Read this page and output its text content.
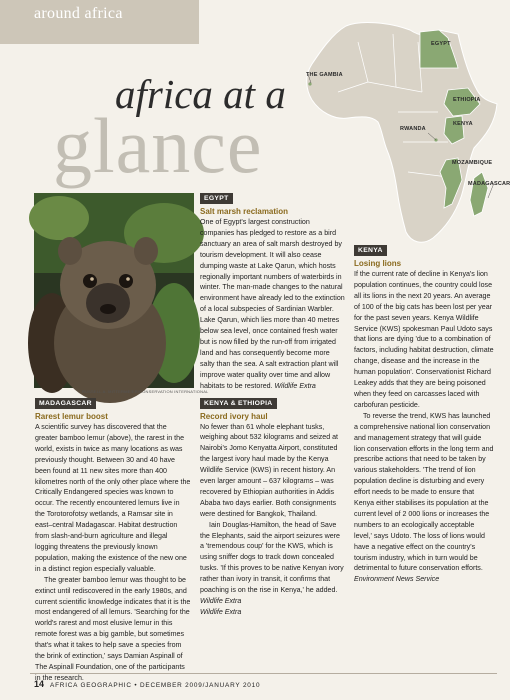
around africa
africa at a
glance
EGYPT
THE GAMBIA
ETHIOPIA
KENYA
RWANDA
MOZAMBIQUE
MADAGASCAR
RUSSELL A. MITTERMEIER/CONSERVATION INTERNATIONAL
MADAGASCAR
Rarest lemur boost

A scientific survey has discovered that the greater bamboo lemur (above), the rarest in the world, exists in twice as many locations as was previously thought. Between 30 and 40 have been found at 11 new sites more than 400 kilometres north of the only other place where the Critically Endangered species was known to occur. The recently encountered lemurs live in the Torotorofotsy wetlands, a Ramsar site in east–central Madagascar. Habitat destruction from slash-and-burn agriculture and illegal logging threatens the previously known population, making the existence of the new one in a distinct region especially valuable.

The greater bamboo lemur was thought to be extinct until rediscovered in the early 1980s, and current scientific knowledge indicates that it is the most endangered of all lemurs. 'Searching for the world's rarest and most elusive lemur in this remote forest was a big gamble, but sometimes that's what it takes to help save a species from the brink of extinction,' says Damian Aspinall of The Aspinall Foundation, one of the participants in the research.

EGYPT
Salt marsh reclamation

One of Egypt's largest construction companies has pledged to restore as a bird sanctuary an area of salt marsh destroyed by tourism development. It will also cease dumping waste at Lake Qarun, which hosts regionally important numbers of waterbirds in winter. The man-made changes to the natural environment have already led to the extinction of a local subspecies of Sardinian Warbler. Lake Qarun, which lies more than 40 metres below sea level, once contained fresh water but is now filled by the run-off from irrigated land and has consequently become more salty than the sea. A salt extraction plant will improve water quality over time and allow habitats to be restored. Wildlife Extra

KENYA & ETHIOPIA
Record ivory haul

No fewer than 61 whole elephant tusks, weighing about 532 kilograms and seized at Nairobi's Jomo Kenyatta Airport, constituted the largest ivory haul made by the Kenya Wildlife Service (KWS) in recent history. An even larger amount – 637 kilograms – was recovered by Ethiopian authorities in Addis Ababa two days earlier. Both consignments were destined for Bangkok, Thailand.

Iain Douglas-Hamilton, the head of Save the Elephants, said the airport seizures were a 'tremendous coup' for the KWS, which is using sniffer dogs to track down concealed tusks. 'If this proves to be native Kenyan ivory rather than ivory in transit, it confirms that poaching is on the rise in Kenya,' he added. Wildlife Extra

Wildlife Extra

KENYA
Losing lions

If the current rate of decline in Kenya's lion population continues, the country could lose all its lions in the next 20 years. An average of 100 of the big cats has been lost per year for the past seven years. Kenya Wildlife Service (KWS) spokesman Paul Udoto says that lions are dying 'due to a combination of factors, including habitat destruction, climate change, disease and the increase in the human population'. Conservationist Richard Leakey adds that they are being poisoned when they feed on carcasses laced with carbofuran pesticide.

To reverse the trend, KWS has launched a comprehensive national lion conservation and management strategy that will guide lion conservation efforts in the long term and prescribe actions that need to be taken by various stakeholders. 'The trend of lion population decline is disturbing and every effort needs to be made to ensure that Kenya either stabilises its population at the current level of 2 000 lions or increases the numbers to an ecologically acceptable level,' says Udoto. The loss of lions would have a negative effect on the country's tourism industry, which in turn would be detrimental to future conservation efforts. Environment News Service

14 AFRICA GEOGRAPHIC • DECEMBER 2009/JANUARY 2010
